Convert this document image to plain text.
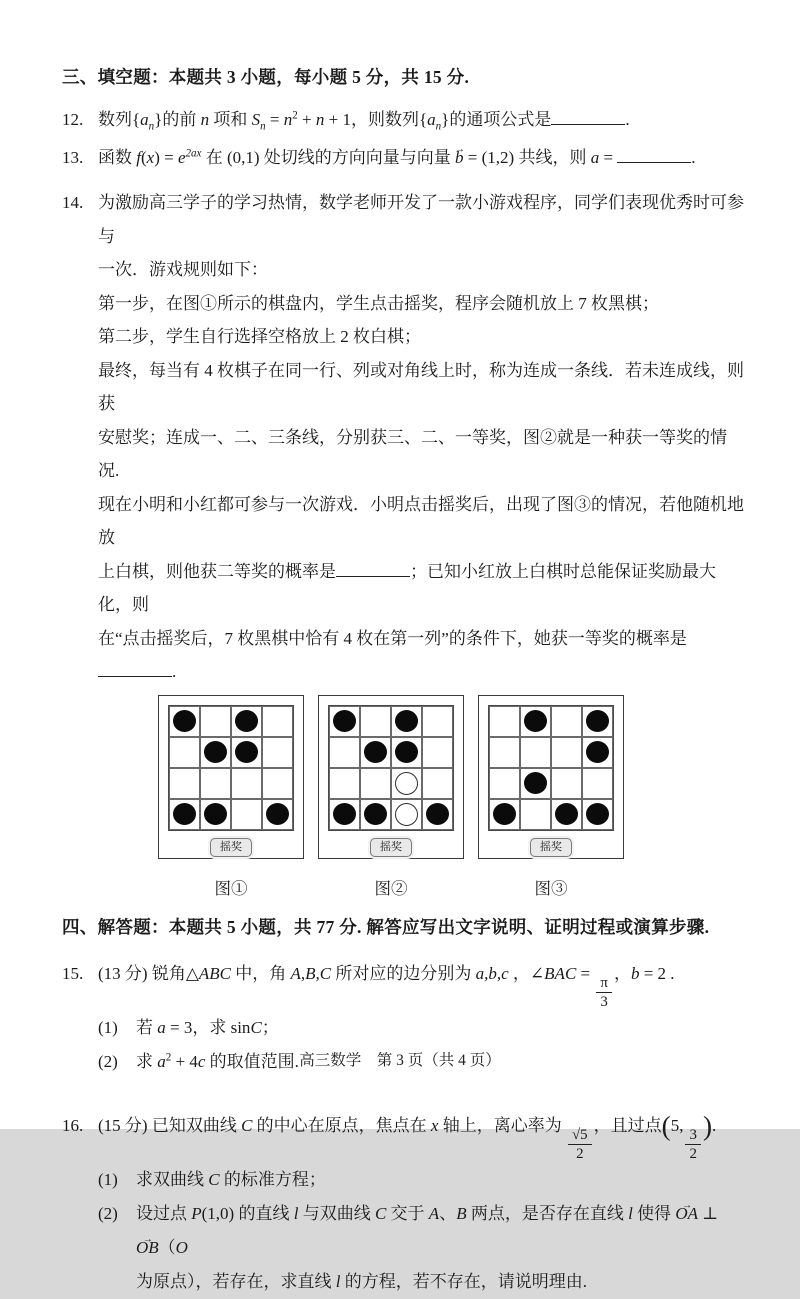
三、填空题：本题共 3 小题，每小题 5 分，共 15 分.
12. 数列$\{a_n\}$的前 n 项和 $S_n = n^2 + n + 1$，则数列$\{a_n\}$的通项公式是	.
13. 函数 $f(x) = e^{2ax}$ 在 (0,1) 处切线的方向向量与向量 b → = (1,2) 共线，则 a =	.
14. 为激励高三学子的学习热情，数学老师开发了一款小游戏程序，同学们表现优秀时可参与
一次．游戏规则如下：
第一步，在图①所示的棋盘内，学生点击摇奖，程序会随机放上 7 枚黑棋；
第二步，学生自行选择空格放上 2 枚白棋；
最终，每当有 4 枚棋子在同一行、列或对角线上时，称为连成一条线．若未连成线，则获
安慰奖；连成一、二、三条线，分别获三、二、一等奖，图②就是一种获一等奖的情况.
现在小明和小红都可参与一次游戏．小明点击摇奖后，出现了图③的情况，若他随机地放
上白棋，则他获二等奖的概率是	；已知小红放上白棋时总能保证奖励最大化，则
在“点击摇奖后，7 枚黑棋中恰有 4 枚在第一列”的条件下，她获一等奖的概率是.
摇奖	摇奖	摇奖
图①	图②	图③
四、解答题：本题共 5 小题，共 77 分. 解答应写出文字说明、证明过程或演算步骤.
15. (13 分) 锐角△ABC 中，角 A,B,C 所对应的边分别为 a,b,c ，∠BAC =
$\frac{\pi}{3}$
，b = 2 .
(1)	若 a = 3，求 sinC；
(2)	求 $a^2 + 4c$ 的取值范围.
16. (15 分) 已知双曲线 C 的中心在原点，焦点在 x 轴上，离心率为
$\frac{√5}{2}$
，且过点(5,
$\frac{3}{2}$
).
(1)	求双曲线 C 的标准方程；
(2)	设过点 P(1,0) 的直线 l 与双曲线 C 交于 A、B 两点，是否存在直线 l 使得 OA → ⊥ OB →（O
为原点），若存在，求直线 l 的方程，若不存在，请说明理由.
高三数学　第 3 页（共 4 页）
